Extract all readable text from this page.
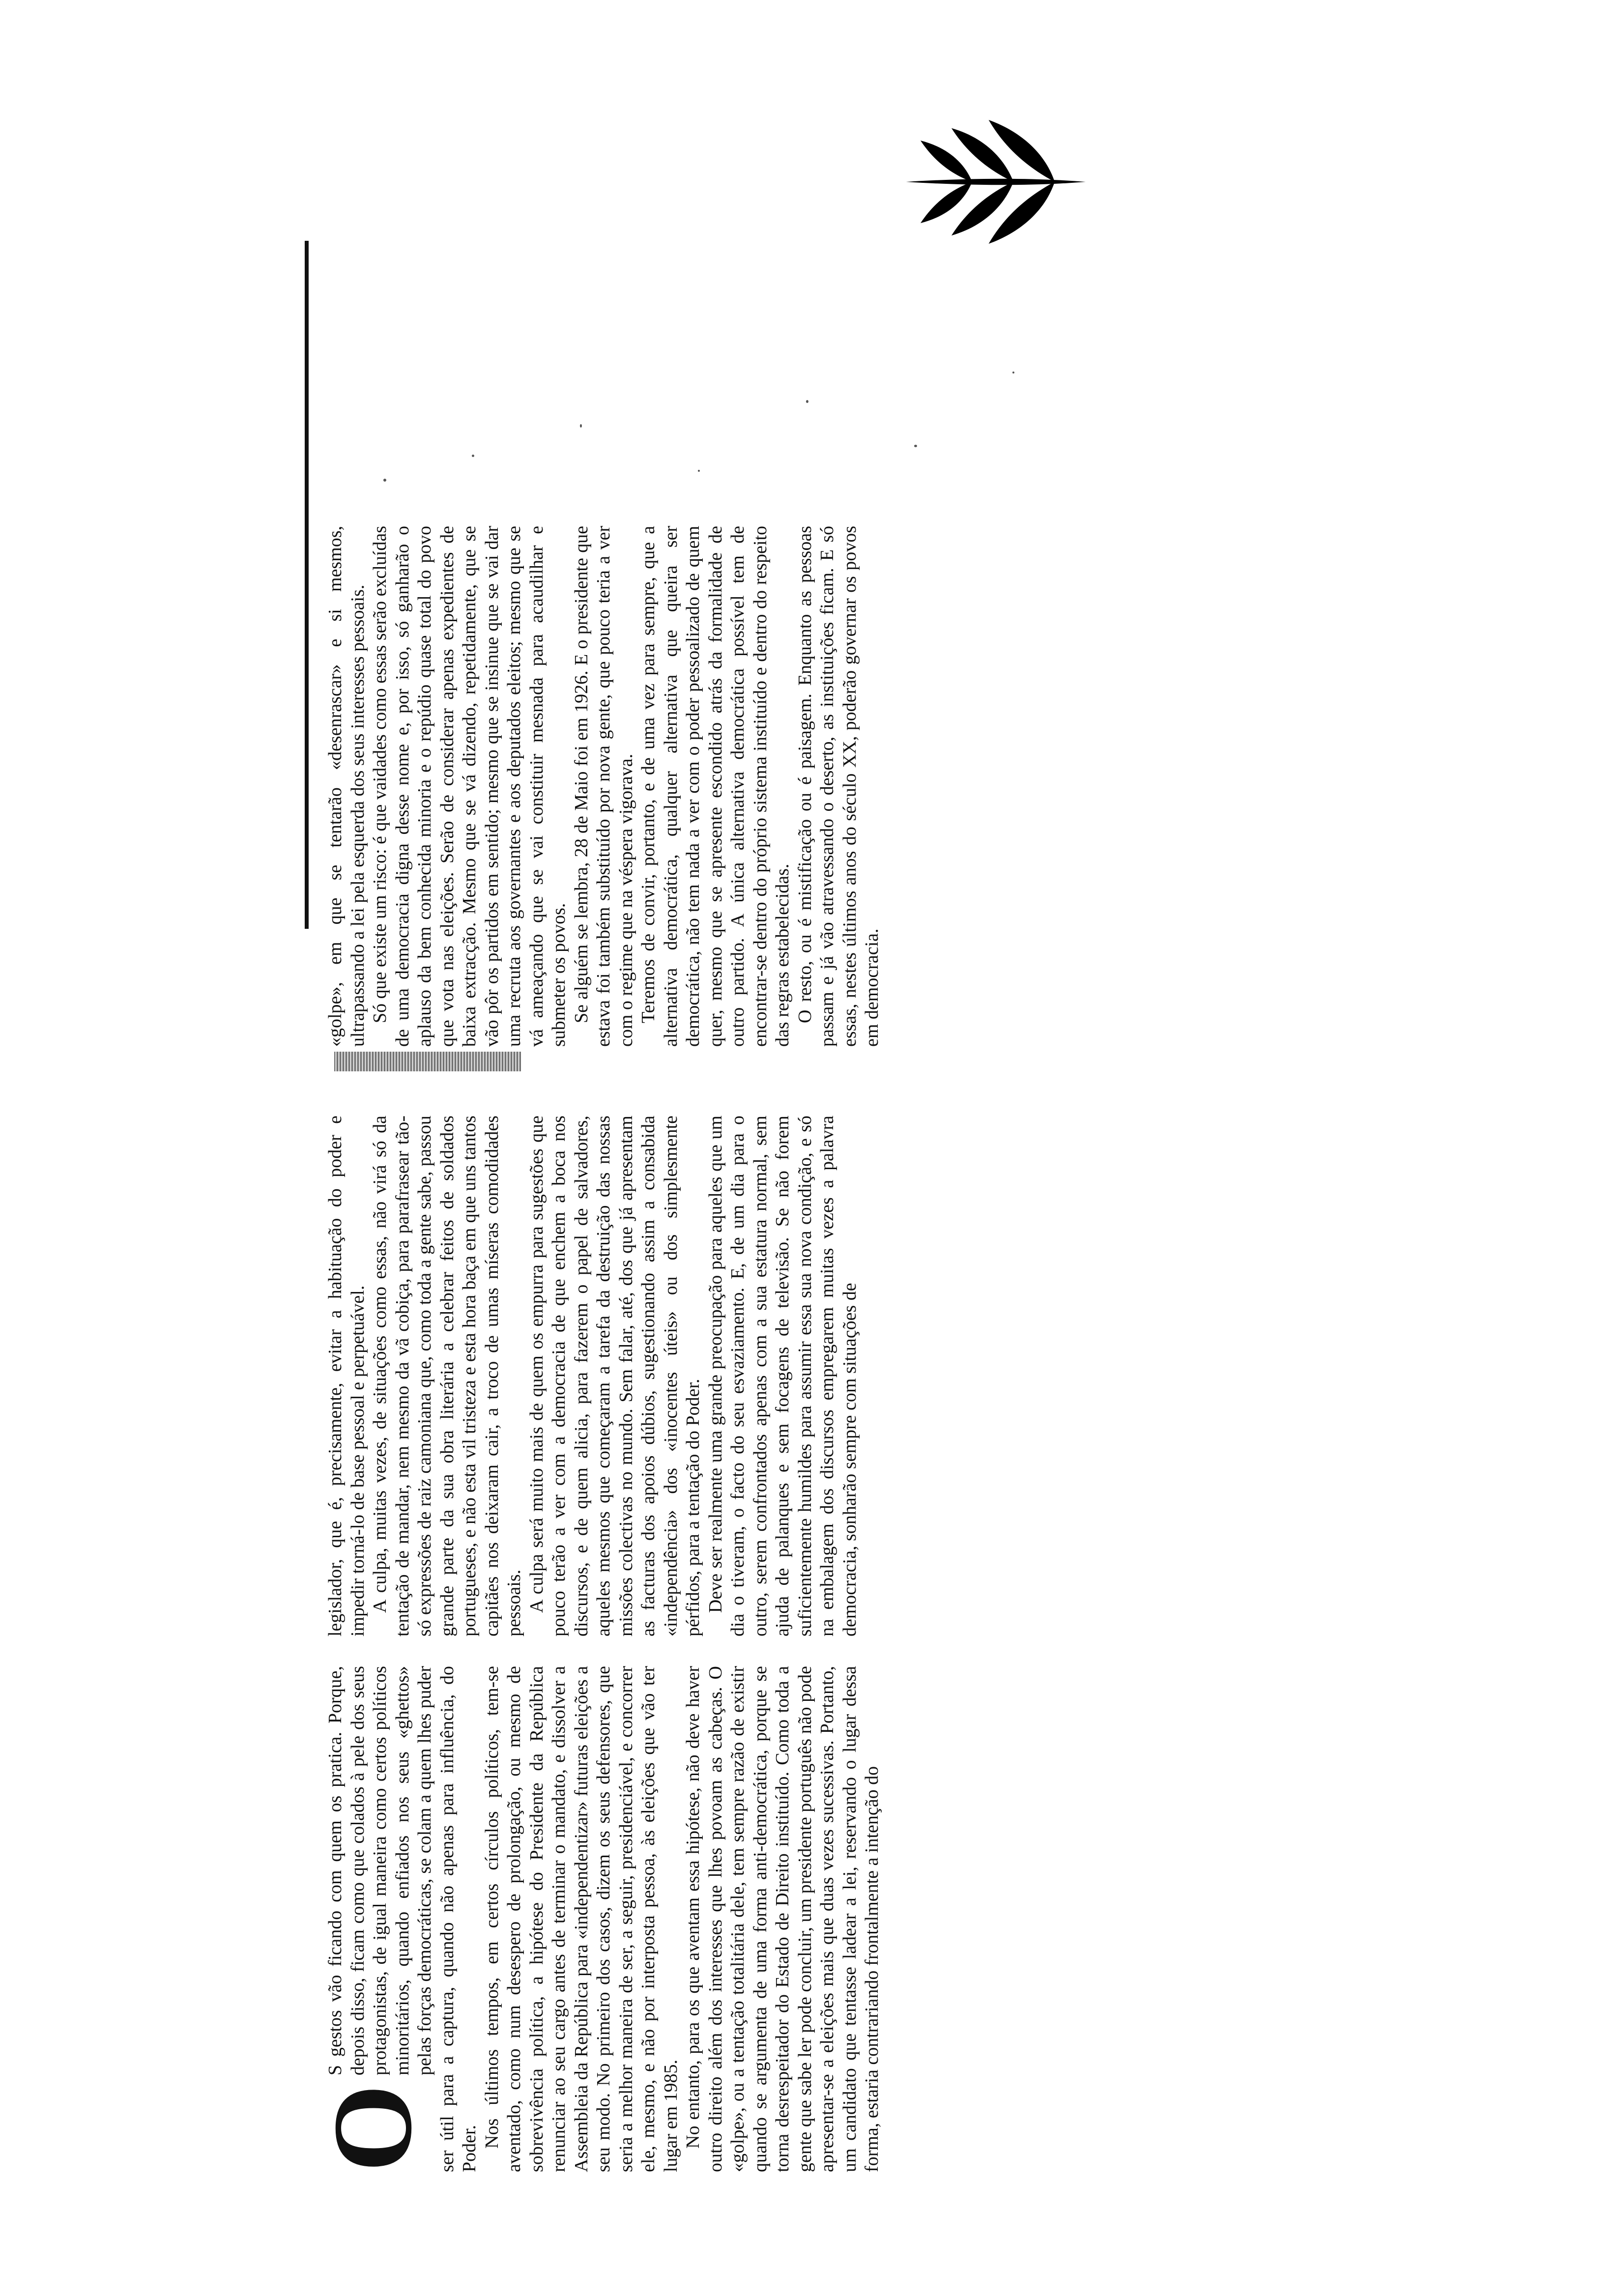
O

S gestos vão ficando com quem os pratica. Porque, depois disso, ficam como que colados à pele dos seus protagonistas, de igual maneira como certos políticos minoritários, quando enfiados nos seus «ghettos» pelas forças democráticas, se colam a quem lhes puder ser útil para a captura, quando não apenas para influência, do Poder. Nos últimos tempos, em certos círculos políticos, tem-se aventado, como num desespero de prolongação, ou mesmo de sobrevivência política, a hipótese do Presidente da República renunciar ao seu cargo antes de terminar o mandato, e dissolver a Assembleia da República para «independentizar» futuras eleições a seu modo. No primeiro dos casos, dizem os seus defensores, que seria a melhor maneira de ser, a seguir, presidenciável, e concorrer ele, mesmo, e não por interposta pessoa, às eleições que vão ter lugar em 1985. No entanto, para os que aventam essa hipótese, não deve haver outro direito além dos interesses que lhes povoam as cabeças. O «golpe», ou a tentação totalitária dele, tem sempre razão de existir quando se argumenta de uma forma anti-democrática, porque se torna desrespeitador do Estado de Direito instituído. Como toda a gente que sabe ler pode concluir, um presidente português não pode apresentar-se a eleições mais que duas vezes sucessivas. Portanto, um candidato que tentasse ladear a lei, reservando o lugar dessa forma, estaria contrariando frontalmente a intenção do

legislador, que é, precisamente, evitar a habituação do poder e impedir torná-lo de base pessoal e perpetuável. A culpa, muitas vezes, de situações como essas, não virá só da tentação de mandar, nem mesmo da vã cobiça, para parafrasear tão-só expressões de raiz camoniana que, como toda a gente sabe, passou grande parte da sua obra literária a celebrar feitos de soldados portugueses, e não esta vil tristeza e esta hora baça em que uns tantos capitães nos deixaram cair, a troco de umas míseras comodidades pessoais. A culpa será muito mais de quem os empurra para sugestões que pouco terão a ver com a democracia de que enchem a boca nos discursos, e de quem alicia, para fazerem o papel de salvadores, aqueles mesmos que começaram a tarefa da destruição das nossas missões colectivas no mundo. Sem falar, até, dos que já apresentam as facturas dos apoios dúbios, sugestionando assim a consabida «independência» dos «inocentes úteis» ou dos simplesmente pérfidos, para a tentação do Poder. Deve ser realmente uma grande preocupação para aqueles que um dia o tiveram, o facto do seu esvaziamento. E, de um dia para o outro, serem confrontados apenas com a sua estatura normal, sem ajuda de palanques e sem focagens de televisão. Se não forem suficientemente humildes para assumir essa sua nova condição, e só na embalagem dos discursos empregarem muitas vezes a palavra democracia, sonharão sempre com situações de

«golpe», em que se tentarão «desenrascar» e si mesmos, ultrapassando a lei pela esquerda dos seus interesses pessoais. Só que existe um risco: é que vaidades como essas serão excluídas de uma democracia digna desse nome e, por isso, só ganharão o aplauso da bem conhecida minoria e o repúdio quase total do povo que vota nas eleições. Serão de considerar apenas expedientes de baixa extracção. Mesmo que se vá dizendo, repetidamente, que se vão pôr os partidos em sentido; mesmo que se insinue que se vai dar uma recruta aos governantes e aos deputados eleitos; mesmo que se vá ameaçando que se vai constituir mesnada para acaudilhar e submeter os povos. Se alguém se lembra, 28 de Maio foi em 1926. E o presidente que estava foi também substituído por nova gente, que pouco teria a ver com o regime que na véspera vigorava. Teremos de convir, portanto, e de uma vez para sempre, que a alternativa democrática, qualquer alternativa que queira ser democrática, não tem nada a ver com o poder pessoalizado de quem quer, mesmo que se apresente escondido atrás da formalidade de outro partido. A única alternativa democrática possível tem de encontrar-se dentro do próprio sistema instituído e dentro do respeito das regras estabelecidas. O resto, ou é mistificação ou é paisagem. Enquanto as pessoas passam e já vão atravessando o deserto, as instituições ficam. E só essas, nestes últimos anos do século XX, poderão governar os povos em democracia.
